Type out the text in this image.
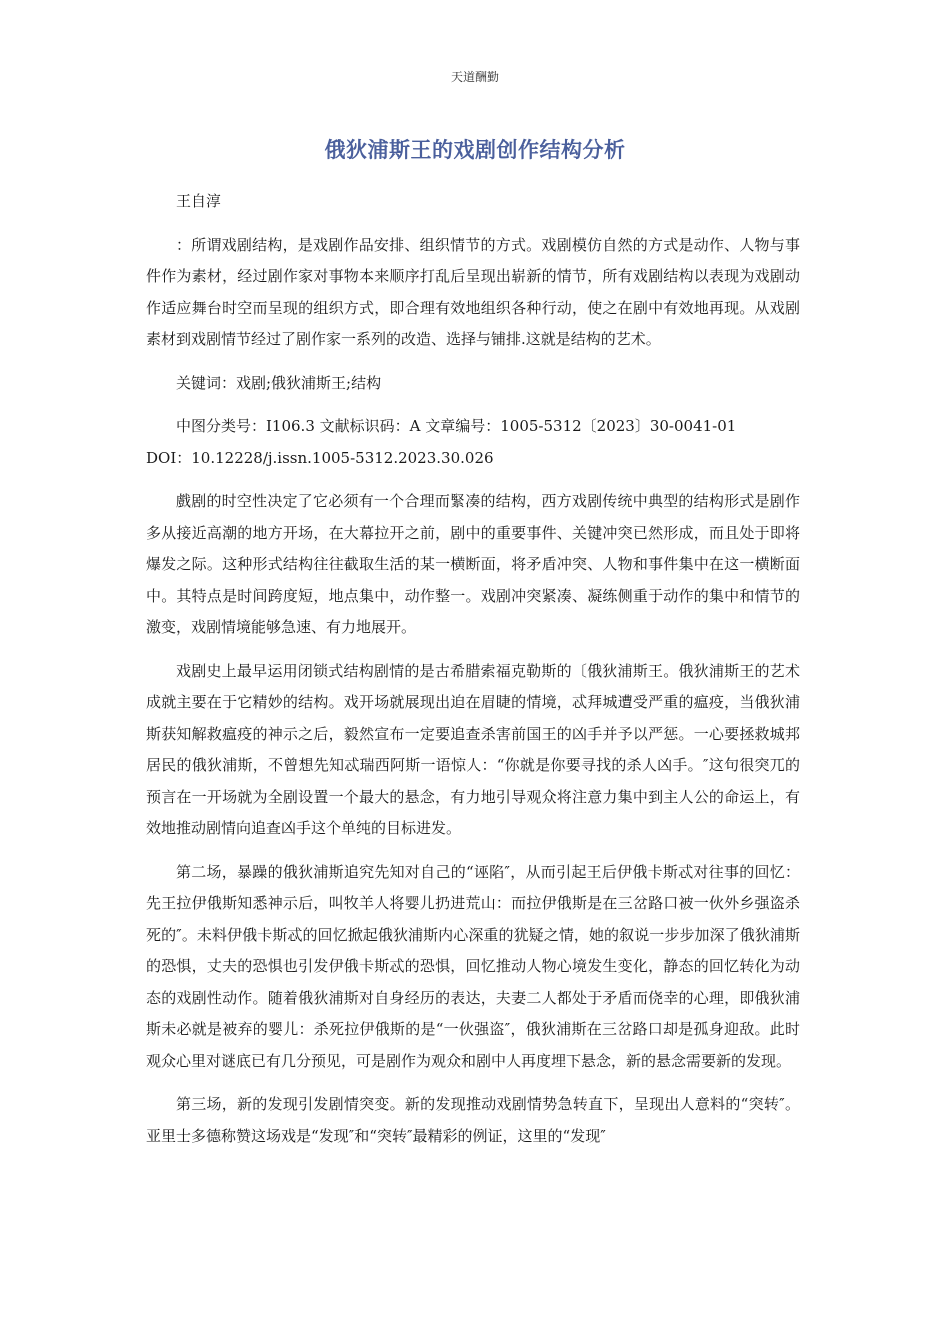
天道酬勤
俄狄浦斯王的戏剧创作结构分析

王自淳

：所谓戏剧结构，是戏剧作品安排、组织情节的方式。戏剧模仿自然的方式是动作、人物与事件作为素材，经过剧作家对事物本来顺序打乱后呈现出崭新的情节，所有戏剧结构以表现为戏剧动作适应舞台时空而呈现的组织方式，即合理有效地组织各种行动，使之在剧中有效地再现。从戏剧素材到戏剧情节经过了剧作家一系列的改造、选择与铺排.这就是结构的艺术。

关键词：戏剧;俄狄浦斯王;结构

中图分类号：I106.3 文献标识码：A 文章编号：1005-5312〔2023〕30-0041-01

DOI：10.12228/j.issn.1005-5312.2023.30.026

戲剧的时空性决定了它必须有一个合理而緊凑的结构，西方戏剧传统中典型的结构形式是剧作多从接近高潮的地方开场，在大幕拉开之前，剧中的重要事件、关键冲突已然形成，而且处于即将爆发之际。这种形式结构往往截取生活的某一横断面，将矛盾冲突、人物和事件集中在这一横断面中。其特点是时间跨度短，地点集中，动作整一。戏剧冲突紧凑、凝练侧重于动作的集中和情节的激变，戏剧情境能够急速、有力地展开。

戏剧史上最早运用闭锁式结构剧情的是古希腊索福克勒斯的〔俄狄浦斯王。俄狄浦斯王的艺术成就主要在于它精妙的结构。戏开场就展现出迫在眉睫的情境，忒拜城遭受严重的瘟疫，当俄狄浦斯获知解救瘟疫的神示之后，毅然宣布一定要追查杀害前国王的凶手并予以严惩。一心要拯救城邦居民的俄狄浦斯，不曾想先知忒瑞西阿斯一语惊人：“你就是你要寻找的杀人凶手。″这句很突兀的预言在一开场就为全剧设置一个最大的悬念，有力地引导观众将注意力集中到主人公的命运上，有效地推动剧情向追查凶手这个单纯的目标进发。

第二场，暴躁的俄狄浦斯追究先知对自己的“诬陷″，从而引起王后伊俄卡斯忒对往事的回忆：先王拉伊俄斯知悉神示后，叫牧羊人将婴儿扔进荒山：而拉伊俄斯是在三岔路口被一伙外乡强盗杀死的″。未料伊俄卡斯忒的回忆掀起俄狄浦斯内心深重的犹疑之情，她的叙说一步步加深了俄狄浦斯的恐惧，丈夫的恐惧也引发伊俄卡斯忒的恐惧，回忆推动人物心境发生变化，静态的回忆转化为动态的戏剧性动作。随着俄狄浦斯对自身经历的表达，夫妻二人都处于矛盾而侥幸的心理，即俄狄浦斯未必就是被弃的婴儿：杀死拉伊俄斯的是“一伙强盗″，俄狄浦斯在三岔路口却是孤身迎敌。此时观众心里对谜底已有几分预见，可是剧作为观众和剧中人再度埋下悬念，新的悬念需要新的发现。

第三场，新的发现引发剧情突变。新的发现推动戏剧情势急转直下，呈现出人意料的“突转″。亚里士多德称赞这场戏是“发现″和“突转″最精彩的例证，这里的“发现″
